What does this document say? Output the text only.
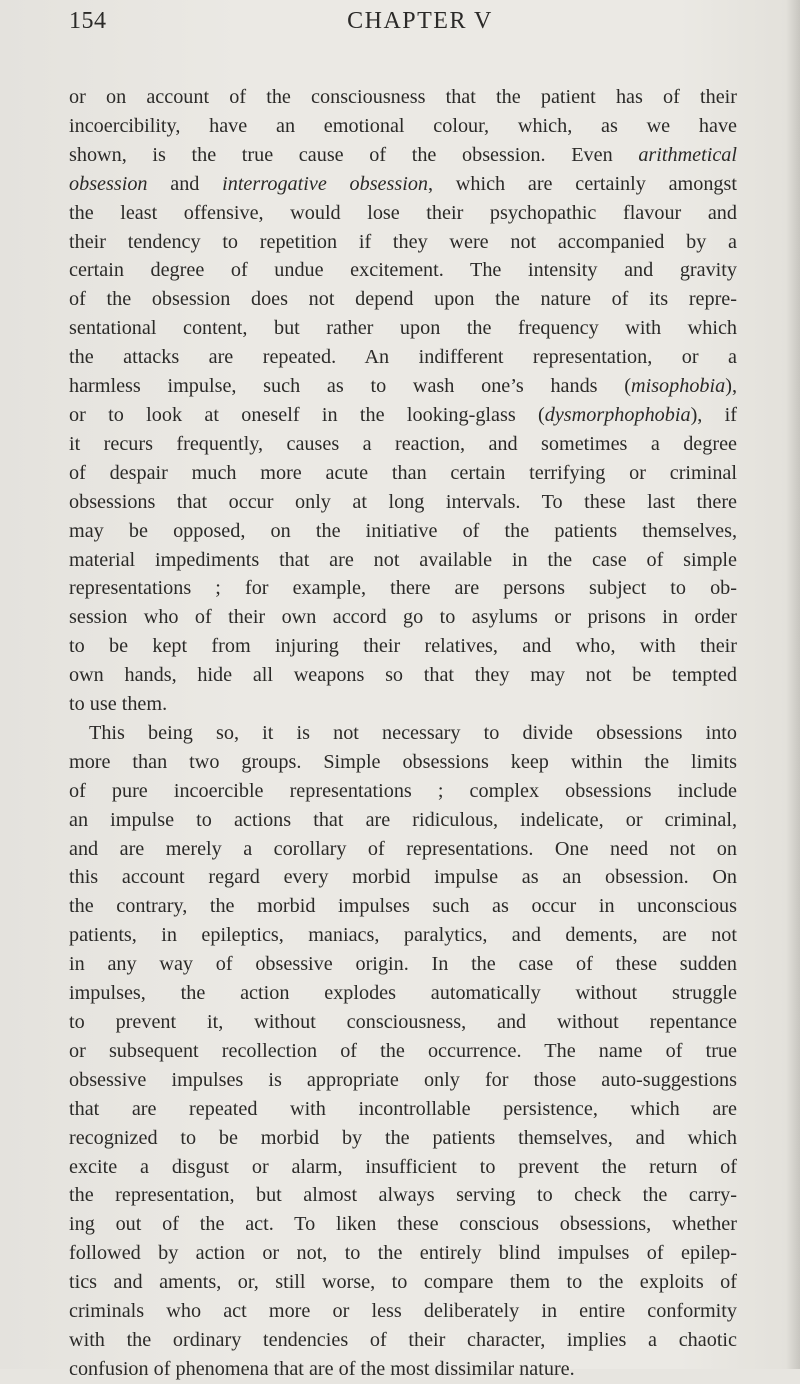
154	CHAPTER V

or on account of the consciousness that the patient has of their
incoercibility, have an emotional colour, which, as we have
shown, is the true cause of the obsession. Even arithmetical
obsession and interrogative obsession, which are certainly amongst
the least offensive, would lose their psychopathic flavour and
their tendency to repetition if they were not accompanied by a
certain degree of undue excitement. The intensity and gravity
of the obsession does not depend upon the nature of its repre-
sentational content, but rather upon the frequency with which
the attacks are repeated. An indifferent representation, or a
harmless impulse, such as to wash one’s hands (misophobia),
or to look at oneself in the looking-glass (dysmorphophobia), if
it recurs frequently, causes a reaction, and sometimes a degree
of despair much more acute than certain terrifying or criminal
obsessions that occur only at long intervals. To these last there
may be opposed, on the initiative of the patients themselves,
material impediments that are not available in the case of simple
representations ; for example, there are persons subject to ob-
session who of their own accord go to asylums or prisons in order
to be kept from injuring their relatives, and who, with their
own hands, hide all weapons so that they may not be tempted
to use them.

This being so, it is not necessary to divide obsessions into
more than two groups. Simple obsessions keep within the limits
of pure incoercible representations ; complex obsessions include
an impulse to actions that are ridiculous, indelicate, or criminal,
and are merely a corollary of representations. One need not on
this account regard every morbid impulse as an obsession. On
the contrary, the morbid impulses such as occur in unconscious
patients, in epileptics, maniacs, paralytics, and dements, are not
in any way of obsessive origin. In the case of these sudden
impulses, the action explodes automatically without struggle
to prevent it, without consciousness, and without repentance
or subsequent recollection of the occurrence. The name of true
obsessive impulses is appropriate only for those auto-suggestions
that are repeated with incontrollable persistence, which are
recognized to be morbid by the patients themselves, and which
excite a disgust or alarm, insufficient to prevent the return of
the representation, but almost always serving to check the carry-
ing out of the act. To liken these conscious obsessions, whether
followed by action or not, to the entirely blind impulses of epilep-
tics and aments, or, still worse, to compare them to the exploits of
criminals who act more or less deliberately in entire conformity
with the ordinary tendencies of their character, implies a chaotic
confusion of phenomena that are of the most dissimilar nature.
